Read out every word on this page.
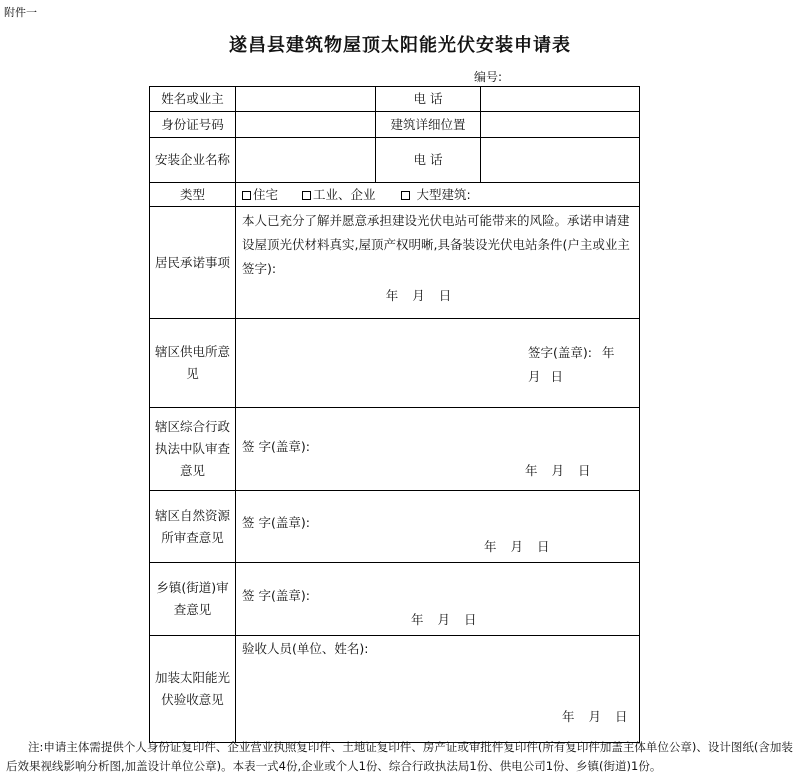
附件一
遂昌县建筑物屋顶太阳能光伏安装申请表
编号:
姓名或业主		电 话	
身份证号码		建筑详细位置	
安装企业名称		电 话	
类型	住宅 工业、企业 大型建筑:		
居民承诺事项	本人已充分了解并愿意承担建设光伏电站可能带来的风险。承诺申请建设屋顶光伏材料真实,屋顶产权明晰,具备装设光伏电站条件(户主或业主签字):
年 月 日		

辖区供电所意见	签字(盖章): 年 月 日		

辖区综合行政执法中队审查意见	签 字(盖章):
年 月 日		

辖区自然资源所审查意见	签 字(盖章):
年 月 日		

乡镇(街道)审查意见	签 字(盖章):
年 月 日		

加装太阳能光伏验收意见	验收人员(单位、姓名):
年 月 日		
注:申请主体需提供个人身份证复印件、企业营业执照复印件、土地证复印件、房产证或审批件复印件(所有复印件加盖主体单位公章)、设计图纸(含加装后效果视线影响分析图,加盖设计单位公章)。本表一式4份,企业或个人1份、综合行政执法局1份、供电公司1份、乡镇(街道)1份。
